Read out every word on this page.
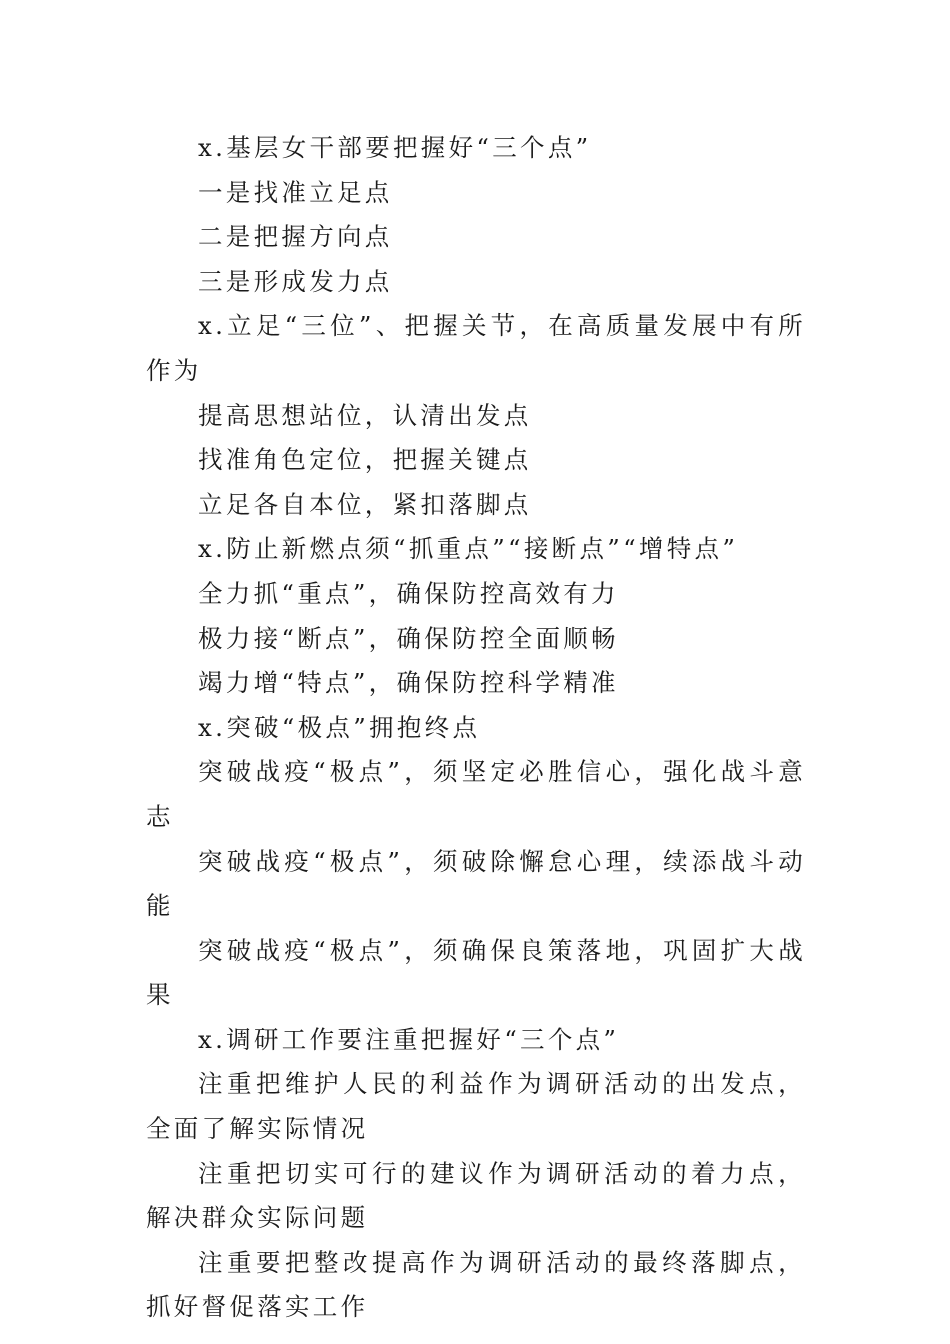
x.基层女干部要把握好“三个点”

一是找准立足点

二是把握方向点

三是形成发力点

x.立足“三位”、把握关节，在高质量发展中有所作为

提高思想站位，认清出发点

找准角色定位，把握关键点

立足各自本位，紧扣落脚点

x.防止新燃点须“抓重点”“接断点”“增特点”

全力抓“重点”，确保防控高效有力

极力接“断点”，确保防控全面顺畅

竭力增“特点”，确保防控科学精准

x.突破“极点”拥抱终点

突破战疫“极点”，须坚定必胜信心，强化战斗意志

突破战疫“极点”，须破除懈怠心理，续添战斗动能

突破战疫“极点”，须确保良策落地，巩固扩大战果

x.调研工作要注重把握好“三个点”

注重把维护人民的利益作为调研活动的出发点，全面了解实际情况

注重把切实可行的建议作为调研活动的着力点，解决群众实际问题

注重要把整改提高作为调研活动的最终落脚点，抓好督促落实工作
